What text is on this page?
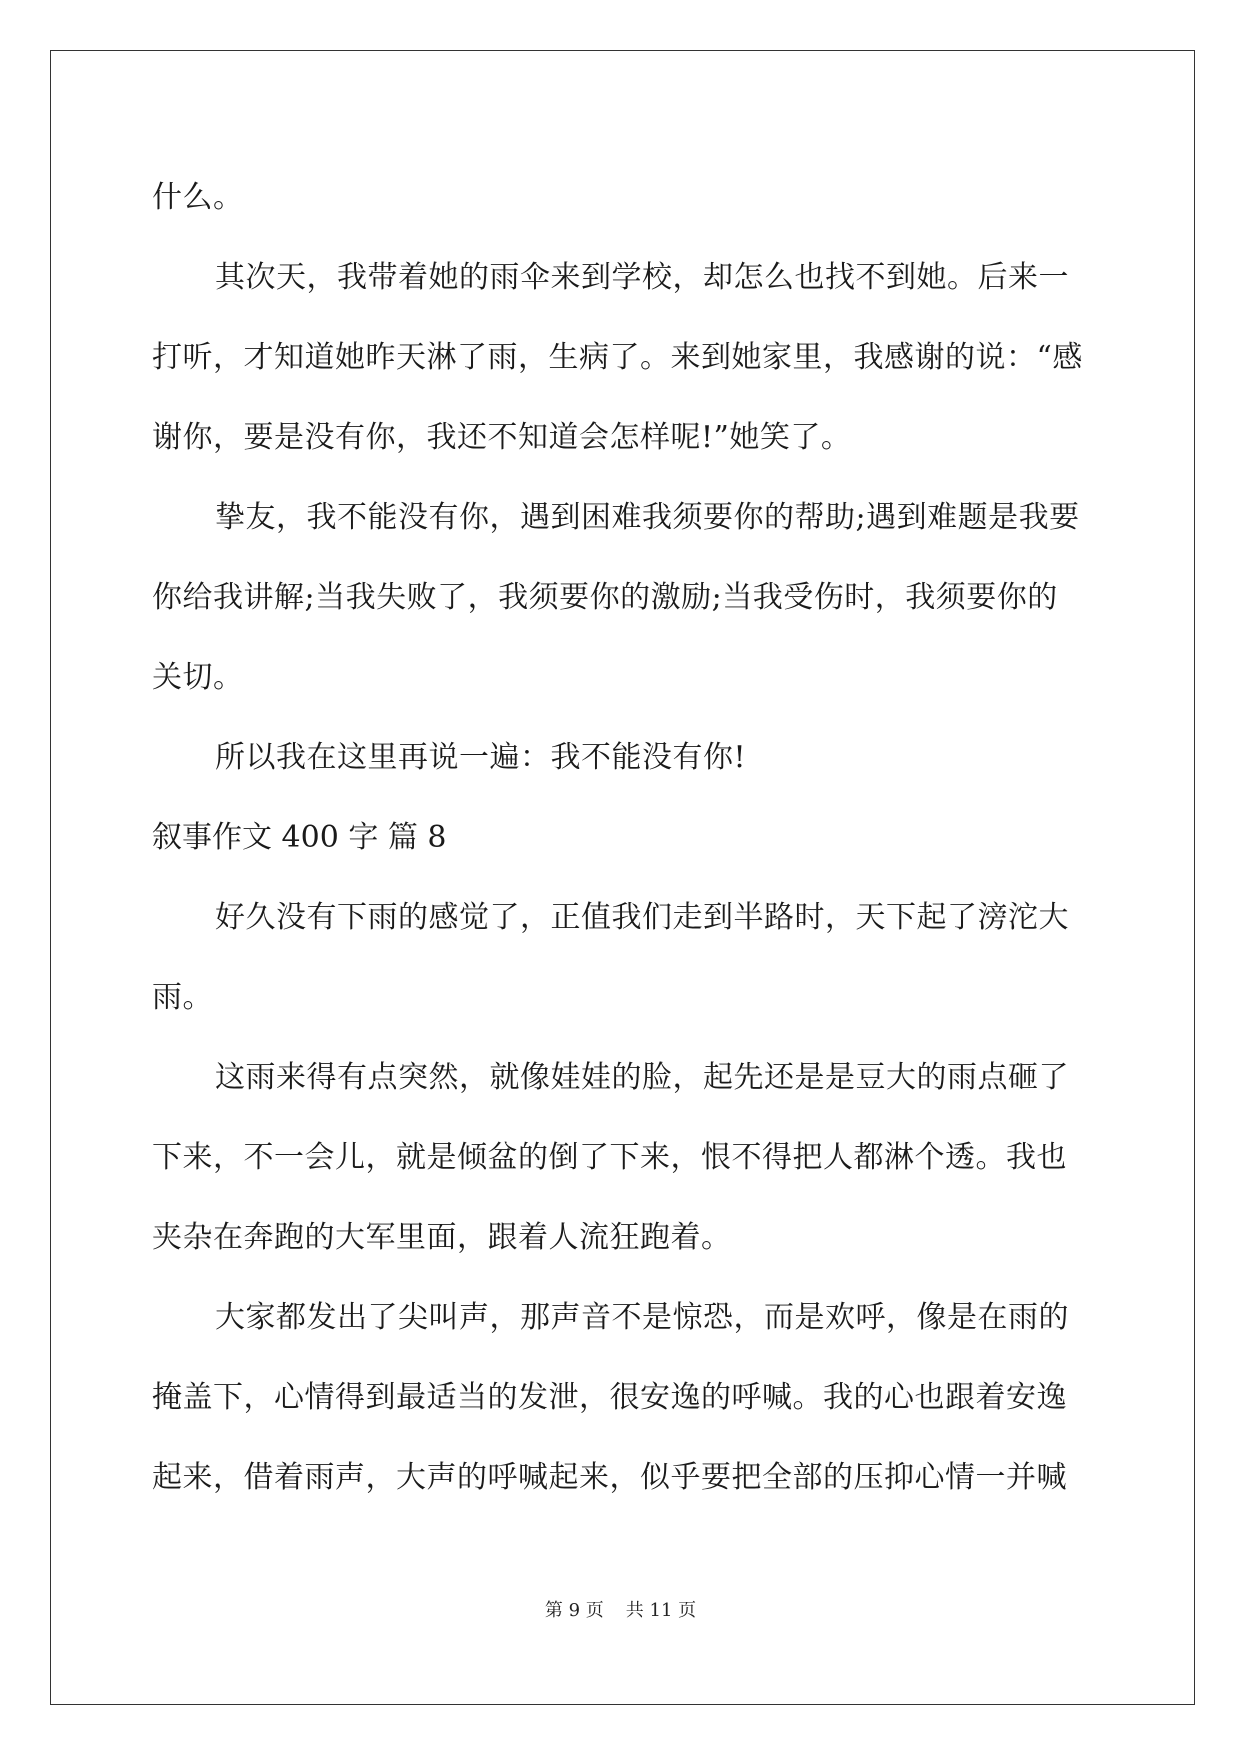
什么。
其次天，我带着她的雨伞来到学校，却怎么也找不到她。后来一
打听，才知道她昨天淋了雨，生病了。来到她家里，我感谢的说：“感
谢你，要是没有你，我还不知道会怎样呢!”她笑了。
挚友，我不能没有你，遇到困难我须要你的帮助;遇到难题是我要
你给我讲解;当我失败了，我须要你的激励;当我受伤时，我须要你的
关切。
所以我在这里再说一遍：我不能没有你!
叙事作文 400 字 篇 8
好久没有下雨的感觉了，正值我们走到半路时，天下起了滂沱大
雨。
这雨来得有点突然，就像娃娃的脸，起先还是是豆大的雨点砸了
下来，不一会儿，就是倾盆的倒了下来，恨不得把人都淋个透。我也
夹杂在奔跑的大军里面，跟着人流狂跑着。
大家都发出了尖叫声，那声音不是惊恐，而是欢呼，像是在雨的
掩盖下，心情得到最适当的发泄，很安逸的呼喊。我的心也跟着安逸
起来，借着雨声，大声的呼喊起来，似乎要把全部的压抑心情一并喊
第 9 页 共 11 页
